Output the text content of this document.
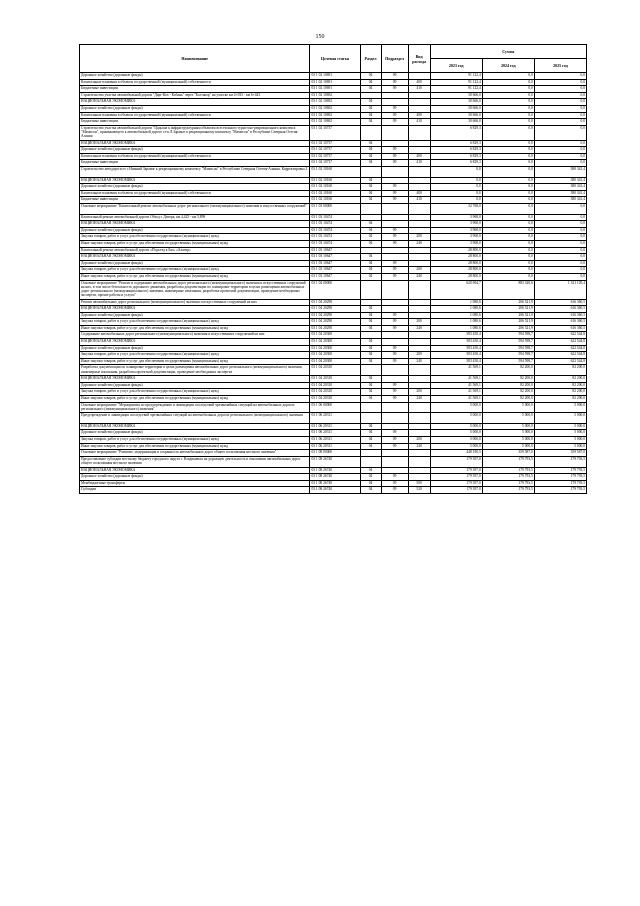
150
Наименование	Целевая статья	Раздел	Подраздел	Вид расхода	Сумма		
					2023 год	2024 год	2025 год
Дорожное хозяйство (дорожные фонды)	03 1 02 10691	04	09		91 122,4	0,0	0,0
Капитальные вложения в объекты государственной (муниципальной) собственности	03 1 02 10691	04	09	400	91 122,4	0,0	0,0
Бюджетные инвестиции	03 1 02 10691	04	09	410	91 122,4	0,0	0,0
Строительство участка автомобильной дороги "Дарг-Кох - Кобань" через "Болтакор" на участке км 4+033 - км 6+443	03 1 02 10692				30 666,0	0,0	0,0
НАЦИОНАЛЬНАЯ ЭКОНОМИКА	03 1 02 10692	04			30 666,0	0,0	0,0
Дорожное хозяйство (дорожные фонды)	03 1 02 10692	04	09		30 666,0	0,0	0,0
Капитальные вложения в объекты государственной (муниципальной) собственности	03 1 02 10692	04	09	400	30 666,0	0,0	0,0
Бюджетные инвестиции	03 1 02 10692	04	09	410	30 666,0	0,0	0,0
Строительство участка автомобильной дороги "Цадыша к инфраструктурным объектам всесезонного туристско-рекреационного комплекса "Мамисон", примыкающего к автомобильной дороге ст-к.Л.Зарамаг к рекреационному комплексу "Мамисон" в Республике Северная Осетия-Алания	03 1 02 10737				6 829,3	0,0	0,0
НАЦИОНАЛЬНАЯ ЭКОНОМИКА	03 1 02 10737	04			6 829,3	0,0	0,0
Дорожное хозяйство (дорожные фонды)	03 1 02 10737	04	09		6 829,3	0,0	0,0
Капитальные вложения в объекты государственной (муниципальной) собственности	03 1 02 10737	04	09	400	6 829,3	0,0	0,0
Бюджетные инвестиции	03 1 02 10737	04	09	410	6 829,3	0,0	0,0
Строительство автодороги от с.Нижний Зарамаг к рекреационному комплексу "Мамисон" в Республике Северная Осетия-Алания. Корректировка 2	03 1 02 10160				0,0	0,0	380 341,4
НАЦИОНАЛЬНАЯ ЭКОНОМИКА	03 1 02 10160	04			0,0	0,0	380 341,4
Дорожное хозяйство (дорожные фонды)	03 1 02 10160	04	09		0,0	0,0	380 341,4
Капитальные вложения в объекты государственной (муниципальной) собственности	03 1 02 10160	04	09	400	0,0	0,0	380 341,4
Бюджетные инвестиции	03 1 02 10160	04	09	410	0,0	0,0	380 341,4
Основное мероприятие "Капитальный ремонт автомобильных дорог регионального (межмуниципального) значения и искусственных сооружений"	03 1 03 00000				32 768,0	0,0	0,0
Капитальный ремонт автомобильной дороги Обход г. Дигора, км 4,425 - км 5,899	03 1 03 10474				3 968,0	0,0	0,0
НАЦИОНАЛЬНАЯ ЭКОНОМИКА	03 1 03 10474	04			3 968,0	0,0	0,0
Дорожное хозяйство (дорожные фонды)	03 1 03 10474	04	09		3 968,0	0,0	0,0
Закупка товаров, работ и услуг для обеспечения государственных (муниципальных) нужд	03 1 03 10474	04	09	200	3 968,0	0,0	0,0
Иные закупки товаров, работ и услуг для обеспечения государственных (муниципальных) нужд	03 1 03 10474	04	09	240	3 968,0	0,0	0,0
Капитальный ремонт автомобильной дороги «Подъезд к Баз» «Алагир»	03 1 03 10647				28 800,0	0,0	0,0
НАЦИОНАЛЬНАЯ ЭКОНОМИКА	03 1 03 10647	04			28 800,0	0,0	0,0
Дорожное хозяйство (дорожные фонды)	03 1 03 10647	04	09		28 800,0	0,0	0,0
Закупка товаров, работ и услуг для обеспечения государственных (муниципальных) нужд	03 1 03 10647	04	09	200	28 800,0	0,0	0,0
Иные закупки товаров, работ и услуг для обеспечения государственных (муниципальных) нужд	03 1 03 10647	04	09	240	28 800,0	0,0	0,0
Основное мероприятие "Ремонт и содержание автомобильных дорог регионального (межмуниципального) значения и искусственных сооружений на них, в том числе безопасность дорожного движения, разработка документации по планировке территории в целях размещения автомобильных дорог регионального (межмуниципального) значения, инженерные изыскания, разработка проектной документации, проведение необходимых экспертиз, прочие работы и услуги"	03 1 04 00000				620 694,7	883 320,6	1 321 105,4
Ремонт автомобильных дорог регионального (межмуниципального) значения и искусственных сооружений на них	03 1 04 20290				1 080,6	206 521,9	616 360,5
НАЦИОНАЛЬНАЯ ЭКОНОМИКА	03 1 04 20290	04			1 080,6	206 521,9	616 360,5
Дорожное хозяйство (дорожные фонды)	03 1 04 20290	04	09		1 080,6	206 521,9	616 360,5
Закупка товаров, работ и услуг для обеспечения государственных (муниципальных) нужд	03 1 04 20290	04	09	200	1 080,6	206 521,9	616 360,5
Иные закупки товаров, работ и услуг для обеспечения государственных (муниципальных) нужд	03 1 04 20290	04	09	240	1 080,6	206 521,9	616 360,5
Содержание автомобильных дорог регионального (межмуниципального) значения и искусственных сооружений на них	03 1 04 20300				583 450,4	594 598,7	622 544,8
НАЦИОНАЛЬНАЯ ЭКОНОМИКА	03 1 04 20300	04			583 450,4	594 598,7	622 544,8
Дорожное хозяйство (дорожные фонды)	03 1 04 20300	04	09		583 450,4	594 598,7	622 544,8
Закупка товаров, работ и услуг для обеспечения государственных (муниципальных) нужд	03 1 04 20300	04	09	200	583 450,4	594 598,7	622 544,8
Иные закупки товаров, работ и услуг для обеспечения государственных (муниципальных) нужд	03 1 04 20300	04	09	240	583 450,4	594 598,7	622 544,8
Разработка документации по планировке территории в целях размещения автомобильных дорог регионального (межмуниципального) значения, инженерные изыскания, разработка проектной документации, проведение необходимых экспертиз	03 1 04 20310				41 569,1	82 200,0	82 200,0
НАЦИОНАЛЬНАЯ ЭКОНОМИКА	03 1 04 20310	04			41 569,1	82 200,0	82 200,0
Дорожное хозяйство (дорожные фонды)	03 1 04 20310	04	09		41 569,1	82 200,0	82 200,0
Закупка товаров, работ и услуг для обеспечения государственных (муниципальных) нужд	03 1 04 20310	04	09	200	41 569,1	82 200,0	82 200,0
Иные закупки товаров, работ и услуг для обеспечения государственных (муниципальных) нужд	03 1 04 20310	04	09	240	41 569,1	82 200,0	82 200,0
Основное мероприятие "Мероприятия по предупреждению и ликвидации последствий чрезвычайных ситуаций на автомобильных дорогах регионального (межмуниципального) значения"	03 1 06 00000				5 000,0	5 000,0	5 000,0
Предупреждение и ликвидация последствий чрезвычайных ситуаций на автомобильных дорогах регионального (межмуниципального) значения	03 1 06 20311				5 000,0	5 000,0	5 000,0
НАЦИОНАЛЬНАЯ ЭКОНОМИКА	03 1 06 20311	04			5 000,0	5 000,0	5 000,0
Дорожное хозяйство (дорожные фонды)	03 1 06 20311	04	09		5 000,0	5 000,0	5 000,0
Закупка товаров, работ и услуг для обеспечения государственных (муниципальных) нужд	03 1 06 20311	04	09	200	5 000,0	5 000,0	5 000,0
Иные закупки товаров, работ и услуг для обеспечения государственных (муниципальных) нужд	03 1 06 20311	04	09	240	5 000,0	5 000,0	5 000,0
Основное мероприятие "Развитие, модернизация и сохранность автомобильных дорог общего пользования местного значения"	03 1 08 00000				448 190,5	359 587,0	359 587,0
Предоставление субсидии местному бюджету городского округа г. Владикавказ на дорожную деятельность в отношении автомобильных дорог общего пользования местного значения	03 1 08 26740				179 397,0	179 793,5	179 793,5
НАЦИОНАЛЬНАЯ ЭКОНОМИКА	03 1 08 26740	04			179 397,0	179 793,5	179 793,5
Дорожное хозяйство (дорожные фонды)	03 1 08 26740	04	09		179 397,0	179 793,5	179 793,5
Межбюджетные трансферты	03 1 08 26740	04	09	500	179 397,0	179 793,5	179 793,5
Субсидии	03 1 08 26740	04	09	520	179 397,0	179 793,5	179 793,5
